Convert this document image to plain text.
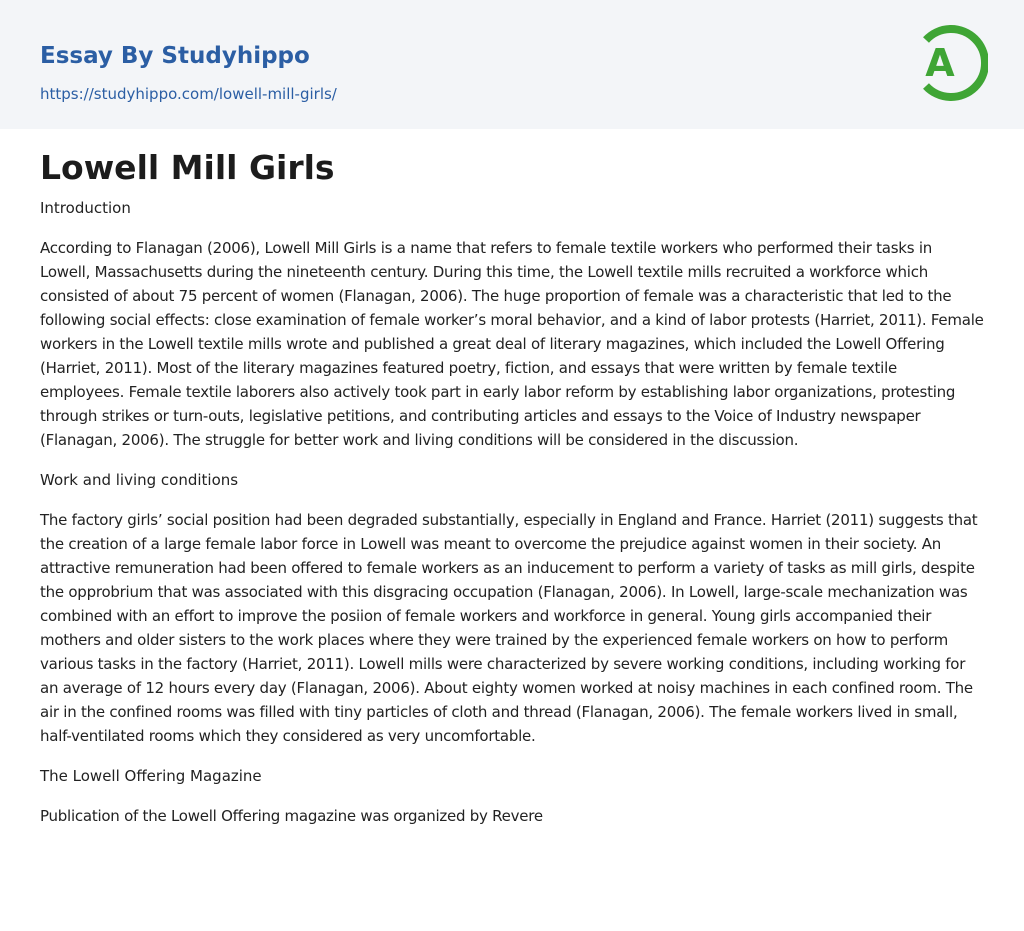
Essay By Studyhippo
https://studyhippo.com/lowell-mill-girls/
A
Lowell Mill Girls
Introduction

According to Flanagan (2006), Lowell Mill Girls is a name that refers to female textile workers who performed their tasks in Lowell, Massachusetts during the nineteenth century. During this time, the Lowell textile mills recruited a workforce which consisted of about 75 percent of women (Flanagan, 2006). The huge proportion of female was a characteristic that led to the following social effects: close examination of female worker’s moral behavior, and a kind of labor protests (Harriet, 2011). Female workers in the Lowell textile mills wrote and published a great deal of literary magazines, which included the Lowell Offering (Harriet, 2011). Most of the literary magazines featured poetry, fiction, and essays that were written by female textile employees. Female textile laborers also actively took part in early labor reform by establishing labor organizations, protesting through strikes or turn-outs, legislative petitions, and contributing articles and essays to the Voice of Industry newspaper (Flanagan, 2006). The struggle for better work and living conditions will be considered in the discussion.

Work and living conditions

The factory girls’ social position had been degraded substantially, especially in England and France. Harriet (2011) suggests that the creation of a large female labor force in Lowell was meant to overcome the prejudice against women in their society. An attractive remuneration had been offered to female workers as an inducement to perform a variety of tasks as mill girls, despite the opprobrium that was associated with this disgracing occupation (Flanagan, 2006). In Lowell, large-scale mechanization was combined with an effort to improve the posiion of female workers and workforce in general. Young girls accompanied their mothers and older sisters to the work places where they were trained by the experienced female workers on how to perform various tasks in the factory (Harriet, 2011). Lowell mills were characterized by severe working conditions, including working for an average of 12 hours every day (Flanagan, 2006). About eighty women worked at noisy machines in each confined room. The air in the confined rooms was filled with tiny particles of cloth and thread (Flanagan, 2006). The female workers lived in small, half-ventilated rooms which they considered as very uncomfortable.

The Lowell Offering Magazine

Publication of the Lowell Offering magazine was organized by Revere
